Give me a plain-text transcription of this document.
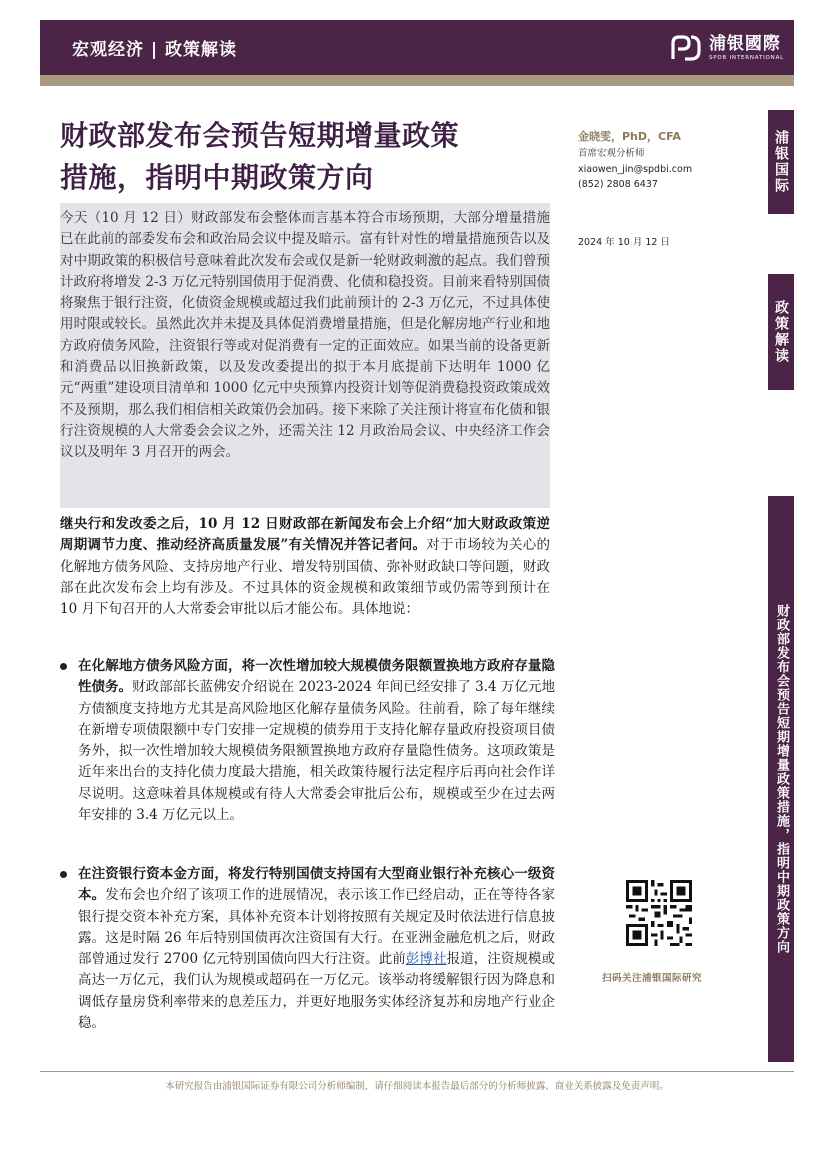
宏观经济 | 政策解读	浦银國際
SPDB INTERNATIONAL
财政部发布会预告短期增量政策
措施，指明中期政策方向
金晓雯，PhD，CFA
首席宏观分析师
xiaowen_jin@spdbi.com
(852) 2808 6437
2024 年 10 月 12 日
浦银国际
政策解读
财政部发布会预告短期增量政策措施，指明中期政策方向
今天（10 月 12 日）财政部发布会整体而言基本符合市场预期，大部分增量措施已在此前的部委发布会和政治局会议中提及暗示。富有针对性的增量措施预告以及对中期政策的积极信号意味着此次发布会或仅是新一轮财政刺激的起点。我们曾预计政府将增发 2-3 万亿元特别国债用于促消费、化债和稳投资。目前来看特别国债将聚焦于银行注资，化债资金规模或超过我们此前预计的 2-3 万亿元，不过具体使用时限或较长。虽然此次并未提及具体促消费增量措施，但是化解房地产行业和地方政府债务风险，注资银行等或对促消费有一定的正面效应。如果当前的设备更新和消费品以旧换新政策，以及发改委提出的拟于本月底提前下达明年 1000 亿元“两重”建设项目清单和 1000 亿元中央预算内投资计划等促消费稳投资政策成效不及预期，那么我们相信相关政策仍会加码。接下来除了关注预计将宣布化债和银行注资规模的人大常委会会议之外，还需关注 12 月政治局会议、中央经济工作会议以及明年 3 月召开的两会。
继央行和发改委之后，10 月 12 日财政部在新闻发布会上介绍“加大财政政策逆周期调节力度、推动经济高质量发展”有关情况并答记者问。对于市场较为关心的化解地方债务风险、支持房地产行业、增发特别国债、弥补财政缺口等问题，财政部在此次发布会上均有涉及。不过具体的资金规模和政策细节或仍需等到预计在 10 月下旬召开的人大常委会审批以后才能公布。具体地说：
在化解地方债务风险方面，将一次性增加较大规模债务限额置换地方政府存量隐性债务。财政部部长蓝佛安介绍说在 2023-2024 年间已经安排了 3.4 万亿元地方债额度支持地方尤其是高风险地区化解存量债务风险。往前看，除了每年继续在新增专项债限额中专门安排一定规模的债券用于支持化解存量政府投资项目债务外，拟一次性增加较大规模债务限额置换地方政府存量隐性债务。这项政策是近年来出台的支持化债力度最大措施，相关政策待履行法定程序后再向社会作详尽说明。这意味着具体规模或有待人大常委会审批后公布，规模或至少在过去两年安排的 3.4 万亿元以上。
在注资银行资本金方面，将发行特别国债支持国有大型商业银行补充核心一级资本。发布会也介绍了该项工作的进展情况，表示该工作已经启动，正在等待各家银行提交资本补充方案，具体补充资本计划将按照有关规定及时依法进行信息披露。这是时隔 26 年后特别国债再次注资国有大行。在亚洲金融危机之后，财政部曾通过发行 2700 亿元特别国债向四大行注资。此前彭博社报道，注资规模或高达一万亿元，我们认为规模或超码在一万亿元。该举动将缓解银行因为降息和调低存量房贷利率带来的息差压力，并更好地服务实体经济复苏和房地产行业企稳。
扫码关注浦银国际研究
本研究报告由浦银国际证券有限公司分析师编制，请仔细阅读本报告最后部分的分析师披露、商业关系披露及免责声明。
